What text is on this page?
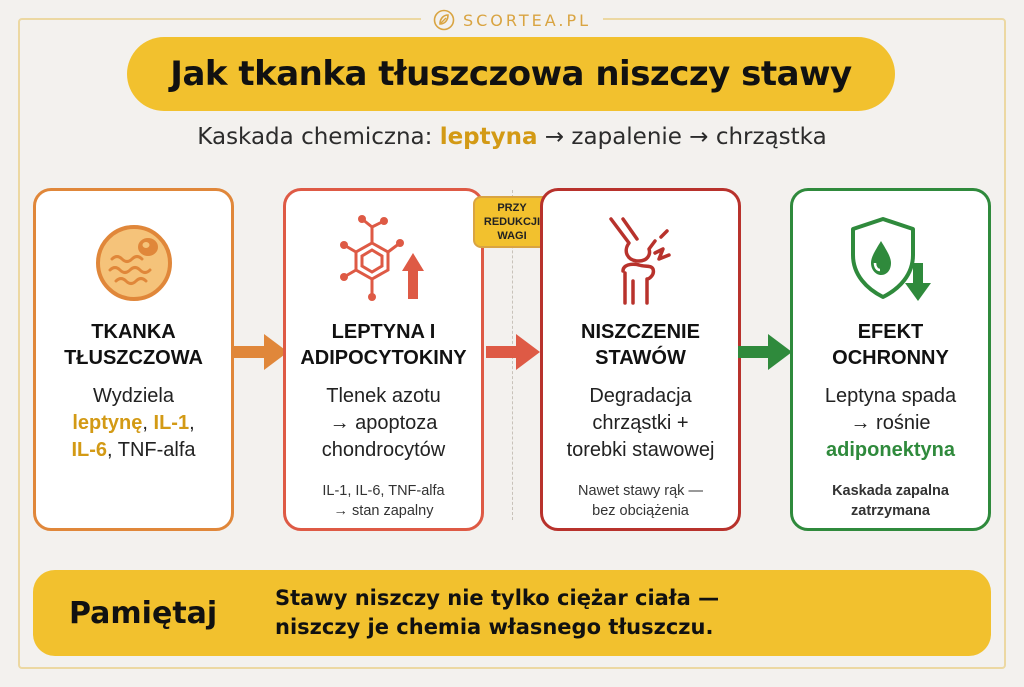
SCORTEA.PL
Jak tkanka tłuszczowa niszczy stawy
Kaskada chemiczna: leptyna → zapalenie → chrząstka
TKANKA
TŁUSZCZOWA
Wydziela
leptynę, IL-1,
IL-6, TNF-alfa
LEPTYNA I
ADIPOCYTOKINY
Tlenek azotu
→ apoptoza
chondrocytów
IL-1, IL-6, TNF-alfa
→ stan zapalny
PRZY
REDUKCJI
WAGI
NISZCZENIE
STAWÓW
Degradacja
chrząstki +
torebki stawowej
Nawet stawy rąk —
bez obciążenia
EFEKT
OCHRONNY
Leptyna spada
→ rośnie
adiponektyna
Kaskada zapalna
zatrzymana
Pamiętaj	Stawy niszczy nie tylko ciężar ciała —
niszczy je chemia własnego tłuszczu.
